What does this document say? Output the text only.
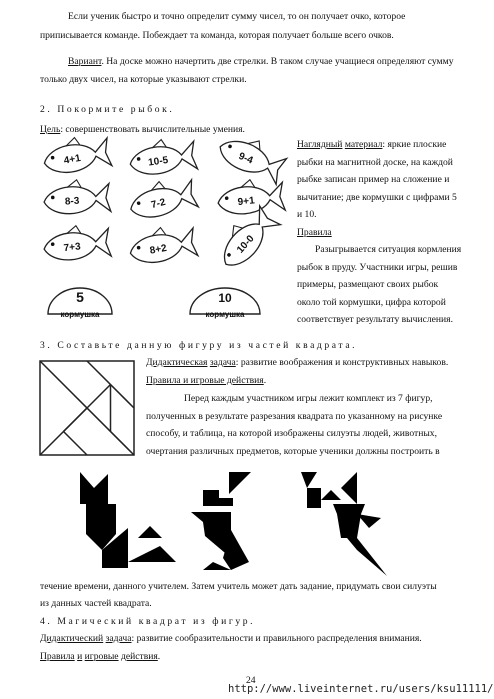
Если ученик быстро и точно определит сумму чисел, то он получает очко, которое
приписывается команде. Побеждает та команда, которая получает больше всего очков.
Вариант. На доске можно начертить две стрелки. В таком случае учащиеся определяют сумму
только двух чисел, на которые указывают стрелки.
2. Покормите рыбок.
Цель: совершенствовать вычислительные умения.
4+1	10-5	9-4
8-3	7-2	9+1
7+3	8+2	10-0
5
кормушка
10
кормушка
Наглядный материал: яркие плоские
рыбки на магнитной доске, на каждой
рыбке записан пример на сложение и
вычитание; две кормушки с цифрами 5
и 10.
Правила
Разыгрывается ситуация кормления
рыбок в пруду. Участники игры, решив
примеры, размещают своих рыбок
около той кормушки, цифра которой
соответствует результату вычисления.
3. Составьте данную фигуру из частей квадрата.
Дидактическая задача: развитие воображения и конструктивных навыков.
Правила и игровые действия.
Перед каждым участником игры лежит комплект из 7 фигур,
полученных в результате разрезания квадрата по указанному на рисунке
способу, и таблица, на которой изображены силуэты людей, животных,
очертания различных предметов, которые ученики должны построить в
течение времени, данного учителем. Затем учитель может дать задание, придумать свои силуэты
из данных частей квадрата.
4. Магический квадрат из фигур.
Дидактический задача: развитие сообразительности и правильного распределения внимания.
Правила и игровые действия.
24
http://www.liveinternet.ru/users/ksu11111/
